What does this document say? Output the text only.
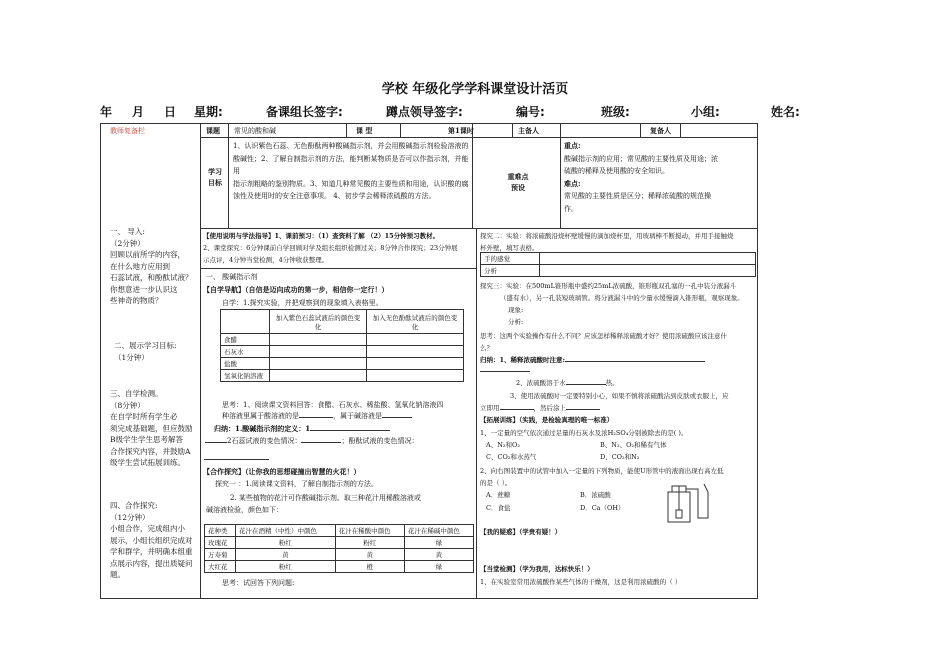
学校 年级化学学科课堂设计活页
年	月	日	星期:	备课组长签字:	蹲点领导签字:	编号:	班级:	小组:	姓名:
教师复备栏
一、 导入:
（2分钟）
回顾以前所学的内容，
在什么地方应用到
石蕊试液，和酚酞试液？
你想意进一步认识这
些神奇的物质？
二、展示学习目标:
（1分钟）
三、自学检测。
（8分钟）
在自学时所有学生必
须完成基础题，但应鼓励
B级学生学生思考解答
合作探究内容，并鼓励A
级学生尝试拓展训练。
四、合作探究:
（12分钟）
小组合作，完成组内小
展示，小组长组织完成对
学和群学，并明确本组重
点展示内容，提出质疑问
题。
课题 常见的酸和碱	课 型	第1课时	主备人	复备人
学习
目标
1、认识紫色石蕊、无色酚酞两种酸碱指示剂，并会用酸碱指示剂检验溶液的
酸碱性；2、了解自制指示剂的方法，能判断某物质是否可以作指示剂，并能用
指示剂粗略的鉴别物质。3、知道几种常见酸的主要性质和用途，认识酸的腐
蚀性及使用时的安全注意事项。 4、初步学会稀释浓硫酸的方法。
重难点
预设
重点:
酸碱指示剂的应用；常见酸的主要性质及用途；浓
硫酸的稀释及使用酸的安全知识。
难点:
常见酸的主要性质是区分；稀释浓硫酸的规范操
作。
【使用说明与学法指导】1、课前预习：（1）查资料了解 （2）15分钟预习教材。
2、课堂探究：6分钟课前自学回顾对学及组长组织检测过关；8分钟合作探究；23分钟展
示点评，4分钟当堂检测，4分钟收获整理。
一、 酸碱指示剂
【自学导航】（自信是迈向成功的第一步，相信你一定行！）
自学：1.探究实验，并把观察到的现象填入表格里。
	加入紫色石蕊试液后的颜色变化	加入无色酚酞试液后的颜色变化
食醋		
石灰水		
盐酸		
氢氧化钠溶液		
思考：1、阅读课文资料回答：食醋、石灰水、稀盐酸、氢氧化钠溶液四
种溶液里属于酸溶液的是	，属于碱溶液是
归纳：1.酸碱指示剂的定义：1
2石蕊试液的变色情况：	；酚酞试液的变色情况：
【合作探究】（让你我的思想碰撞出智慧的火花！）
探究一 ：1.阅读课文资料，了解自制指示剂的方法。
2. 某些植物的花汁可作酸碱指示剂。取三种花汁用稀酸溶液或
碱溶液检验，颜色如下：
花种类	花汁在酒精（中性）中颜色	花汁在稀酸中颜色	花汁在稀碱中颜色
玫瑰花	粉红	粉红	绿
万寿菊	黄	黄	黄
大红花	粉红	橙	绿
思考：试回答下列问题:
探究二：实验：将浓硫酸沿烧杯壁缓慢的滴加烧杯里，用玻璃棒不断搅动，并用手接触烧
杯外壁，填写表格。
手的感觉	
分析	
探究三：实验：在500mL锥形瓶中盛约25mL浓硫酸，锥形瓶双孔塞的一孔中装分液漏斗
（盛有水），另一孔装短玻璃管。将分液漏斗中的少量水缓慢滴入锥形瓶，观察现象。
现象:
分析:
思考：这两个实验操作有什么不同？应该怎样稀释浓硫酸才好？使用浓硫酸应该注意什
么？
归纳：1、稀释浓硫酸时注意:
2、浓硫酸溶于水	热。
3、使用浓硫酸时一定要特别小心，如果不慎将浓硫酸沾到皮肤或衣服上，应
立即用	，然后涂上
【拓展训练】（实践，是检验真理的唯一标准）
1、一定量的空气依次通过足量的石灰水及浓H₂SO₄分别被除去的是( )。
A、N₂和O₂	B、N₂、O₂和稀有气体
C、CO₂和水蒸气	D、CO₂和N₂
2、向右图装置中的试管中加入一定量的下列物质，能使U形管中的液面出现右高左低
的是（ ）。
A．蔗糖	B．浓硫酸
C．食盐	D．Ca（OH）
【我的疑惑】（学贵有疑！）
【当堂检测】（学为我用，达标快乐！）
1、在实验室常用浓硫酸作某些气体的干燥剂，这是利用浓硫酸的（ ）
